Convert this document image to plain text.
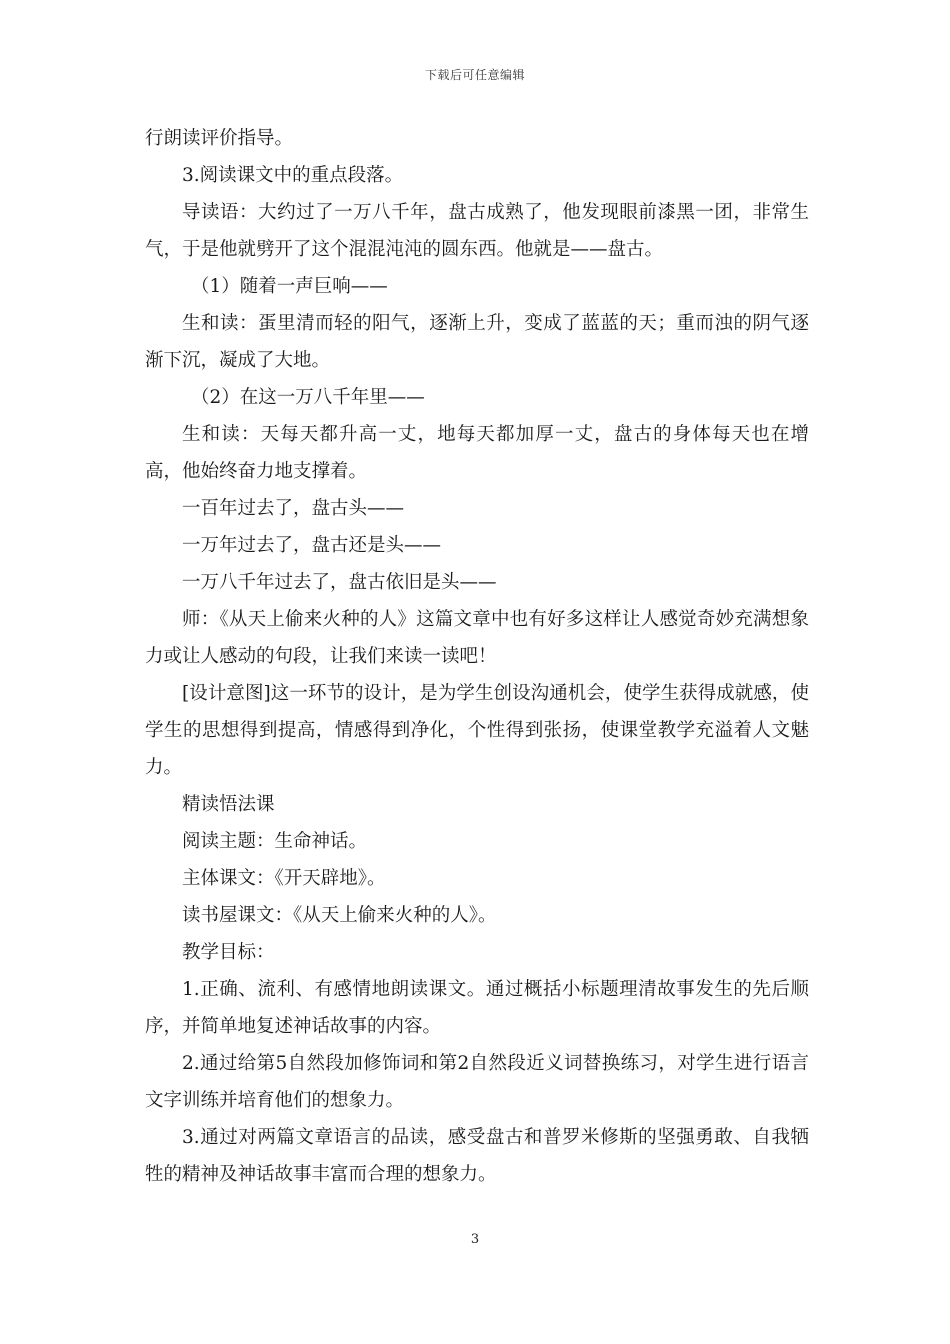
下载后可任意编辑

行朗读评价指导。

3.阅读课文中的重点段落。

导读语：大约过了一万八千年，盘古成熟了，他发现眼前漆黑一团，非常生气，于是他就劈开了这个混混沌沌的圆东西。他就是——盘古。

（1）随着一声巨响——

生和读：蛋里清而轻的阳气，逐渐上升，变成了蓝蓝的天；重而浊的阴气逐渐下沉，凝成了大地。

（2）在这一万八千年里——

生和读：天每天都升高一丈，地每天都加厚一丈，盘古的身体每天也在增高，他始终奋力地支撑着。

一百年过去了，盘古头——

一万年过去了，盘古还是头——

一万八千年过去了，盘古依旧是头——

师：《从天上偷来火种的人》这篇文章中也有好多这样让人感觉奇妙充满想象力或让人感动的句段，让我们来读一读吧！

[设计意图]这一环节的设计，是为学生创设沟通机会，使学生获得成就感，使学生的思想得到提高，情感得到净化，个性得到张扬，使课堂教学充溢着人文魅力。

精读悟法课

阅读主题：生命神话。

主体课文：《开天辟地》。

读书屋课文：《从天上偷来火种的人》。

教学目标：

1.正确、流利、有感情地朗读课文。通过概括小标题理清故事发生的先后顺序，并简单地复述神话故事的内容。

2.通过给第5自然段加修饰词和第2自然段近义词替换练习，对学生进行语言文字训练并培育他们的想象力。

3.通过对两篇文章语言的品读，感受盘古和普罗米修斯的坚强勇敢、自我牺牲的精神及神话故事丰富而合理的想象力。

3
